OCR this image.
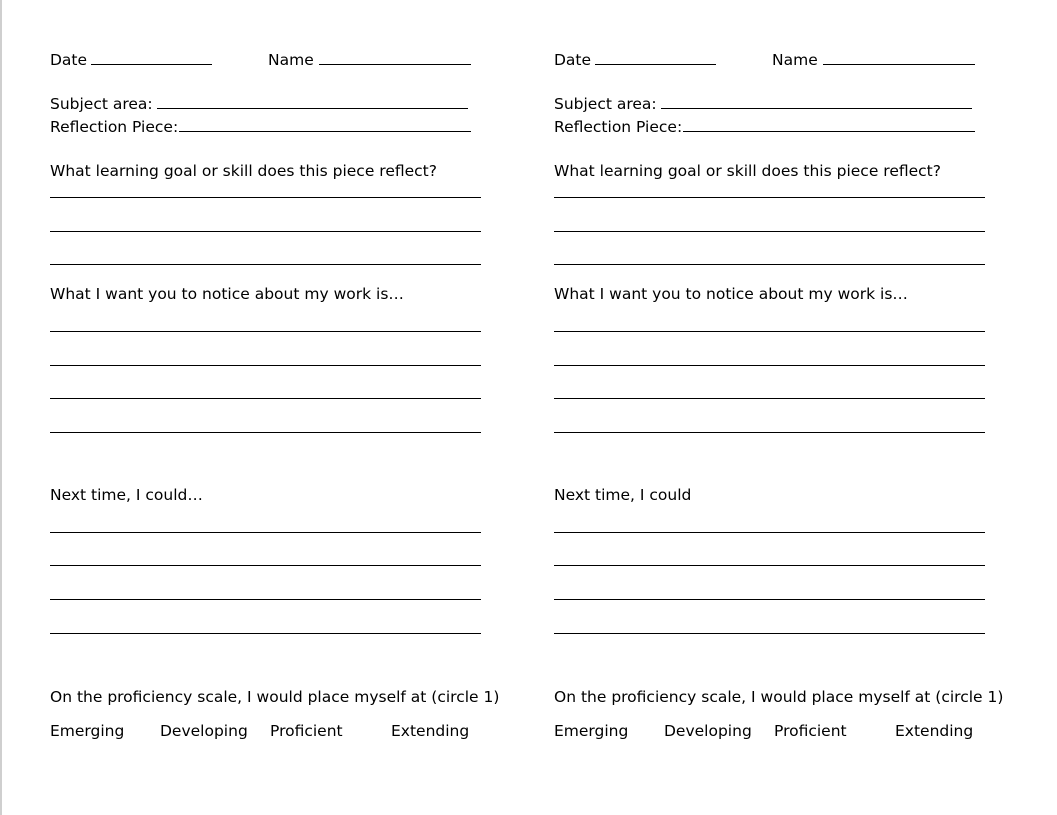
Date	Name
Subject area:
Reflection Piece:
What learning goal or skill does this piece reflect?
What I want you to notice about my work is…
Next time, I could…
On the proficiency scale, I would place myself at (circle 1)
Emerging Developing Proficient	Extending
Date	Name
Subject area:
Reflection Piece:
What learning goal or skill does this piece reflect?
What I want you to notice about my work is…
Next time, I could
On the proficiency scale, I would place myself at (circle 1)
Emerging Developing Proficient	Extending
